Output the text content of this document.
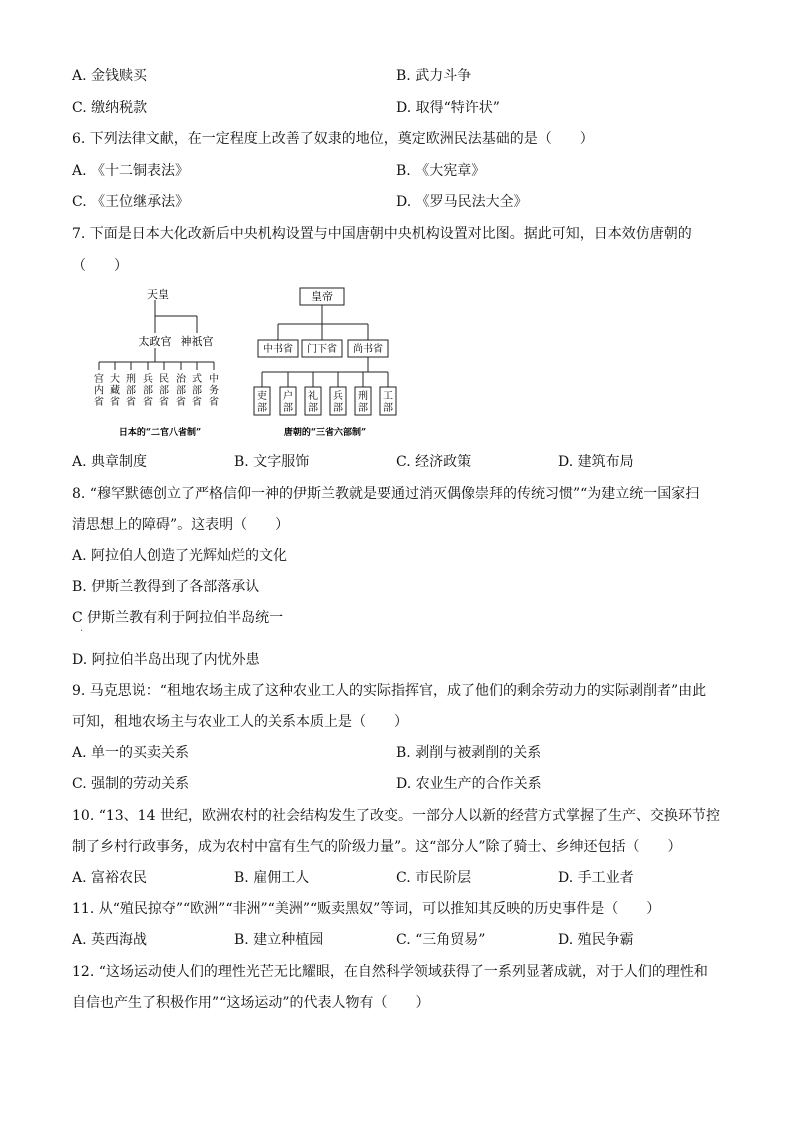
A. 金钱赎买	B. 武力斗争
C. 缴纳税款	D. 取得“特许状”
6. 下列法律文献，在一定程度上改善了奴隶的地位，奠定欧洲民法基础的是（　　）
A. 《十二铜表法》	B. 《大宪章》
C. 《王位继承法》	D. 《罗马民法大全》
7. 下面是日本大化改新后中央机构设置与中国唐朝中央机构设置对比图。据此可知，日本效仿唐朝的
（　　）
天皇
太政官 神祇官
宫内省
大藏省
刑部省
兵部省
民部省
治部省
式部省
中务省
日本的“二官八省制”
皇帝
中书省 门下省 尚书省
吏部
户部
礼部
兵部
刑部
工部
唐朝的“三省六部制”
A. 典章制度	B. 文字服饰	C. 经济政策	D. 建筑布局
8. “穆罕默德创立了严格信仰一神的伊斯兰教就是要通过消灭偶像崇拜的传统习惯”“为建立统一国家扫
清思想上的障碍”。这表明（　　）
A. 阿拉伯人创造了光辉灿烂的文化
B. 伊斯兰教得到了各部落承认
C 伊斯兰教有利于阿拉伯半岛统一
.
D. 阿拉伯半岛出现了内忧外患
9. 马克思说：“租地农场主成了这种农业工人的实际指挥官，成了他们的剩余劳动力的实际剥削者”由此
可知，租地农场主与农业工人的关系本质上是（　　）
A. 单一的买卖关系	B. 剥削与被剥削的关系
C. 强制的劳动关系	D. 农业生产的合作关系
10. “13、14 世纪，欧洲农村的社会结构发生了改变。一部分人以新的经营方式掌握了生产、交换环节控
制了乡村行政事务，成为农村中富有生气的阶级力量”。这“部分人”除了骑士、乡绅还包括（　　）
A. 富裕农民	B. 雇佣工人	C. 市民阶层	D. 手工业者
11. 从“殖民掠夺”“欧洲”“非洲”“美洲”“贩卖黑奴”等词，可以推知其反映的历史事件是（　　）
A. 英西海战	B. 建立种植园	C. “三角贸易”	D. 殖民争霸
12. “这场运动使人们的理性光芒无比耀眼，在自然科学领域获得了一系列显著成就，对于人们的理性和
自信也产生了积极作用”“这场运动”的代表人物有（　　）
